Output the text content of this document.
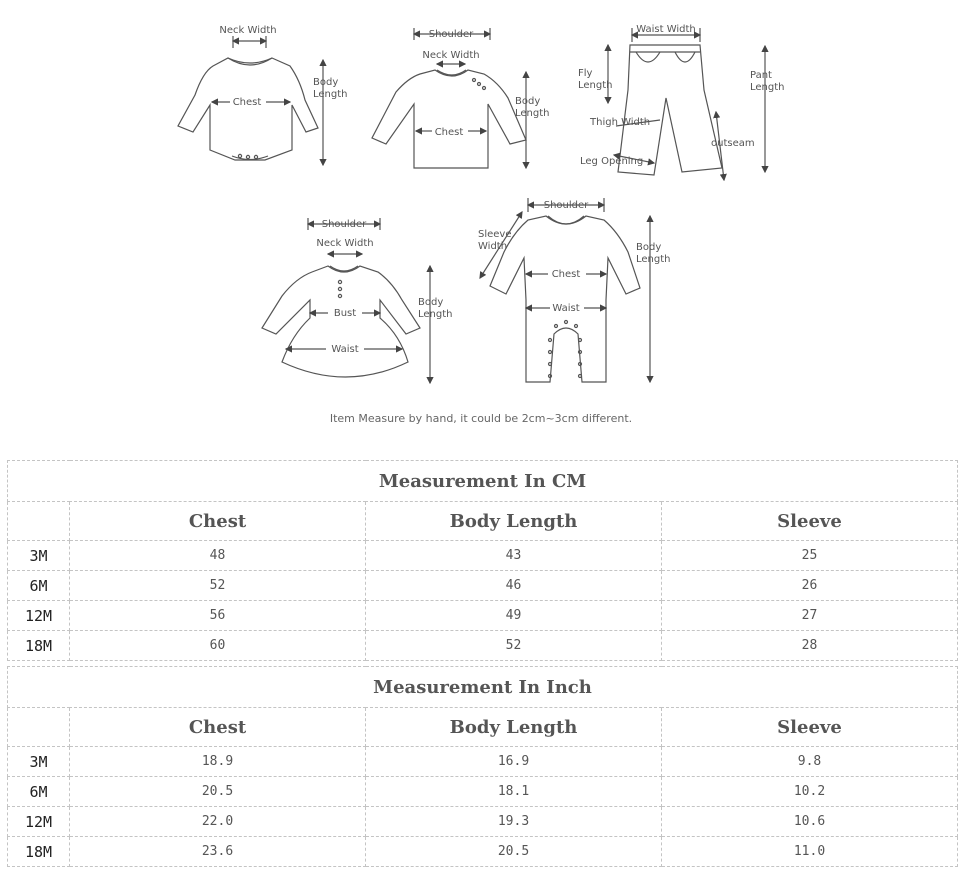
Neck Width
Body Length
Chest
Shoulder
Neck Width
Body Length
Chest
Waist Width
Fly Length
Pant Length
Thigh Width
outseam
Leg Opening
Shoulder
Neck Width
Body Length
Bust
Waist
Shoulder
Sleeve Width	Body Length
Chest
Waist
Item Measure by hand, it could be 2cm~3cm different.
Measurement In CM			
	Chest	Body Length	Sleeve
3M	48	43	25
6M	52	46	26
12M	56	49	27
18M	60	52	28
Measurement In Inch			
	Chest	Body Length	Sleeve
3M	18.9	16.9	9.8
6M	20.5	18.1	10.2
12M	22.0	19.3	10.6
18M	23.6	20.5	11.0
